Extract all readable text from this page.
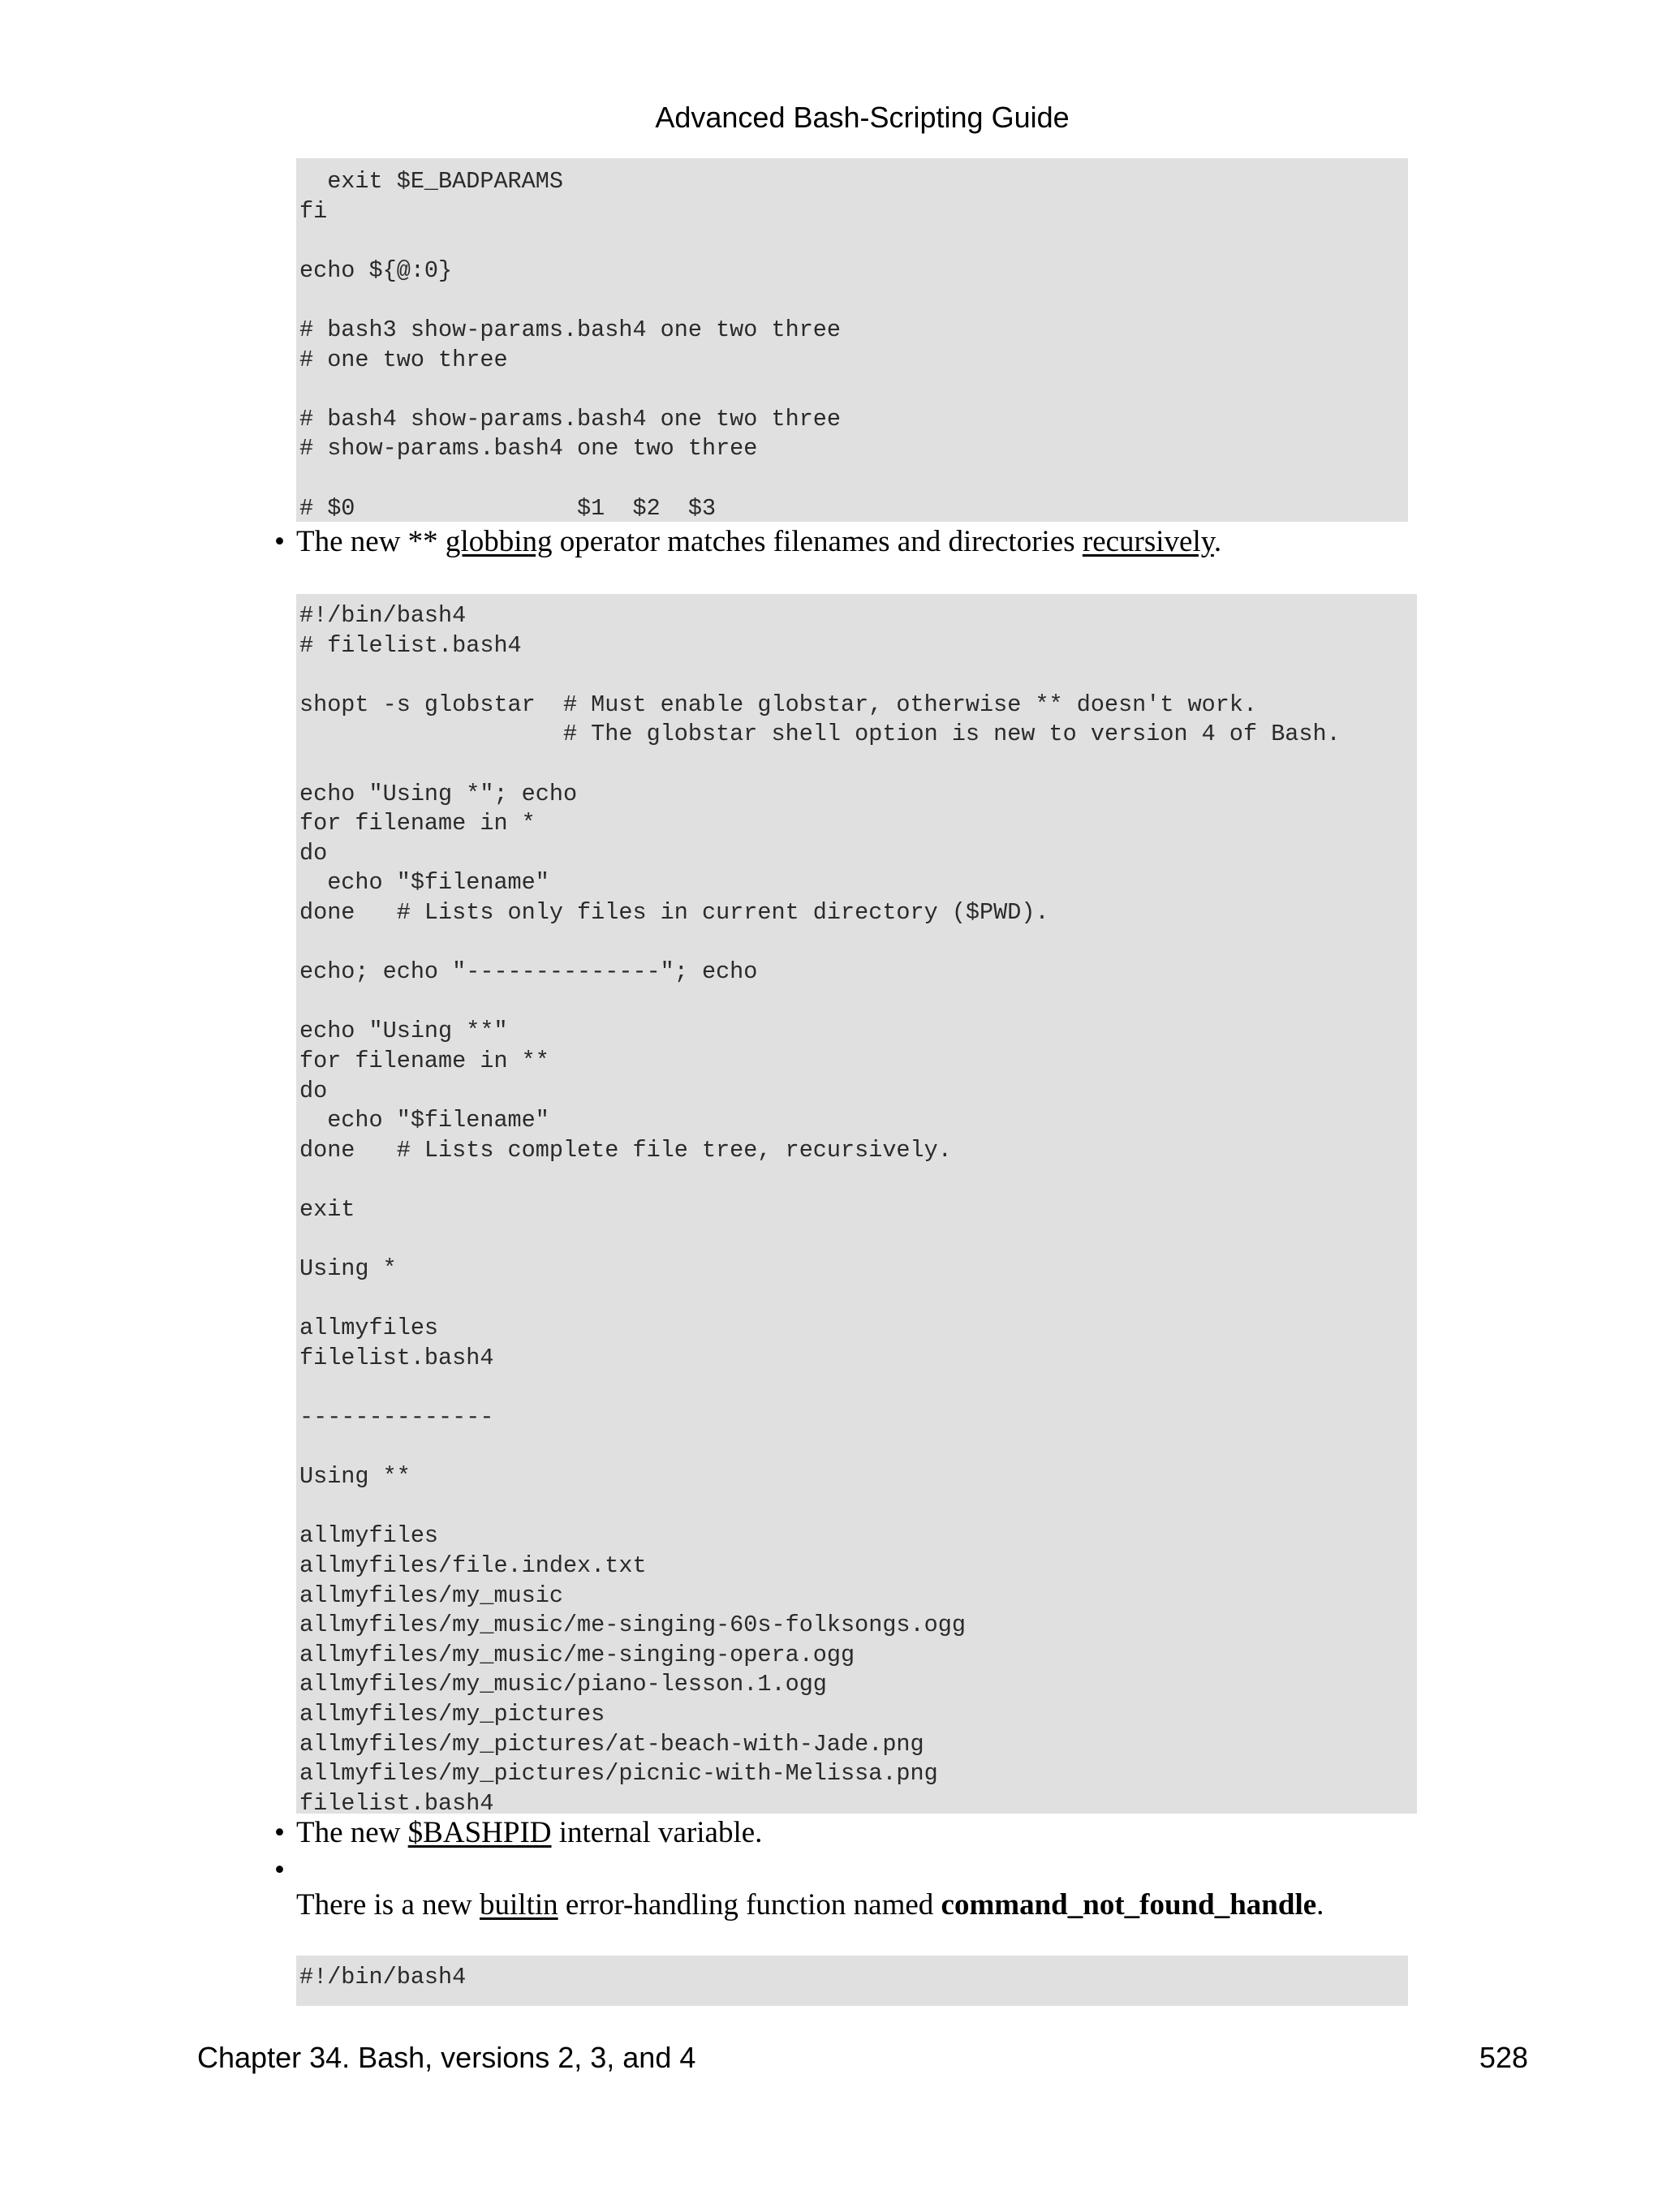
Advanced Bash-Scripting Guide
exit $E_BADPARAMS
fi

echo ${@:0}

# bash3 show-params.bash4 one two three
# one two three

# bash4 show-params.bash4 one two three
# show-params.bash4 one two three

# $0                $1  $2  $3
• The new ** globbing operator matches filenames and directories recursively.
#!/bin/bash4
# filelist.bash4

shopt -s globstar  # Must enable globstar, otherwise ** doesn't work.
# The globstar shell option is new to version 4 of Bash.

echo "Using *"; echo
for filename in *
do
echo "$filename"
done   # Lists only files in current directory ($PWD).

echo; echo "--------------"; echo

echo "Using **"
for filename in **
do
echo "$filename"
done   # Lists complete file tree, recursively.

exit

Using *

allmyfiles
filelist.bash4

--------------

Using **

allmyfiles
allmyfiles/file.index.txt
allmyfiles/my_music
allmyfiles/my_music/me-singing-60s-folksongs.ogg
allmyfiles/my_music/me-singing-opera.ogg
allmyfiles/my_music/piano-lesson.1.ogg
allmyfiles/my_pictures
allmyfiles/my_pictures/at-beach-with-Jade.png
allmyfiles/my_pictures/picnic-with-Melissa.png
filelist.bash4
• The new $BASHPID internal variable.
•
There is a new builtin error-handling function named command_not_found_handle.
#!/bin/bash4
Chapter 34. Bash, versions 2, 3, and 4	528
